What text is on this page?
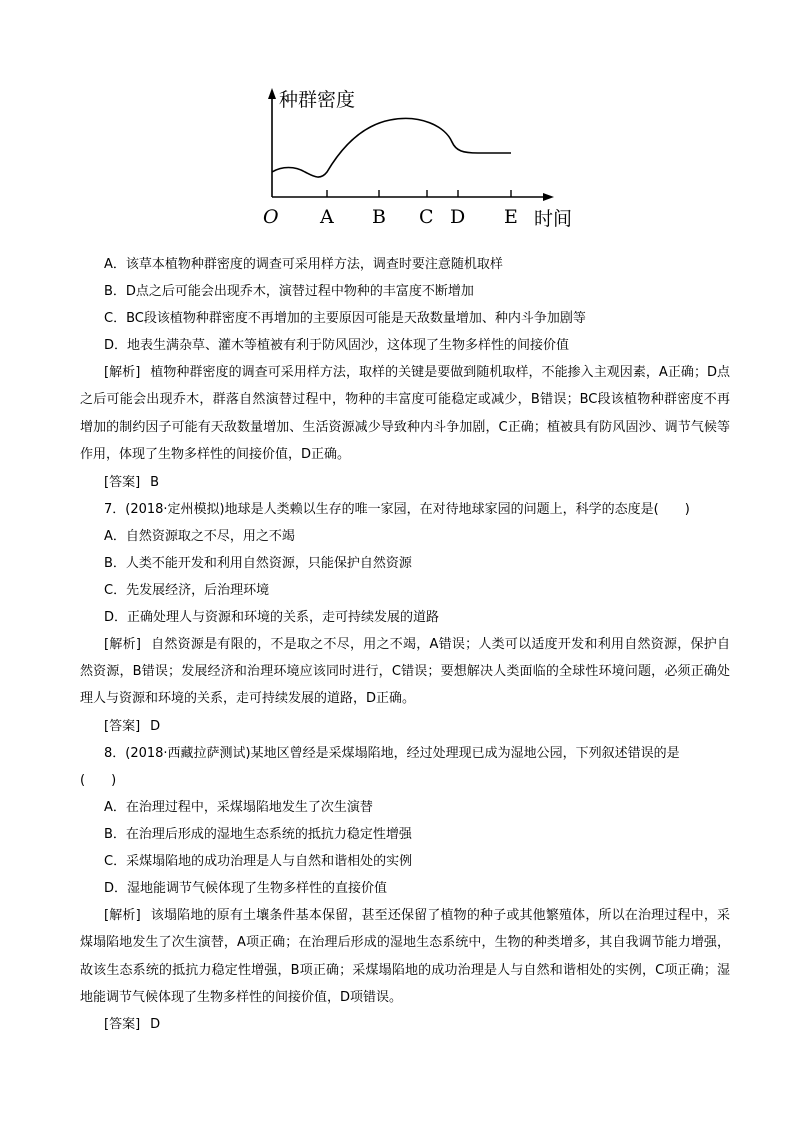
种群密度
O A B C D E 时间
A．该草本植物种群密度的调查可采用样方法，调查时要注意随机取样
B．D点之后可能会出现乔木，演替过程中物种的丰富度不断增加
C．BC段该植物种群密度不再增加的主要原因可能是天敌数量增加、种内斗争加剧等
D．地表生满杂草、灌木等植被有利于防风固沙，这体现了生物多样性的间接价值
[解析] 植物种群密度的调查可采用样方法，取样的关键是要做到随机取样，不能掺入主观因素，A正确；D点之后可能会出现乔木，群落自然演替过程中，物种的丰富度可能稳定或减少，B错误；BC段该植物种群密度不再增加的制约因子可能有天敌数量增加、生活资源减少导致种内斗争加剧，C正确；植被具有防风固沙、调节气候等作用，体现了生物多样性的间接价值，D正确。
[答案] B
7．(2018·定州模拟)地球是人类赖以生存的唯一家园，在对待地球家园的问题上，科学的态度是(　　)
A．自然资源取之不尽，用之不竭
B．人类不能开发和利用自然资源，只能保护自然资源
C．先发展经济，后治理环境
D．正确处理人与资源和环境的关系，走可持续发展的道路
[解析] 自然资源是有限的，不是取之不尽，用之不竭，A错误；人类可以适度开发和利用自然资源，保护自然资源，B错误；发展经济和治理环境应该同时进行，C错误；要想解决人类面临的全球性环境问题，必须正确处理人与资源和环境的关系，走可持续发展的道路，D正确。
[答案] D
8．(2018·西藏拉萨测试)某地区曾经是采煤塌陷地，经过处理现已成为湿地公园，下列叙述错误的是
(　　)
A．在治理过程中，采煤塌陷地发生了次生演替
B．在治理后形成的湿地生态系统的抵抗力稳定性增强
C．采煤塌陷地的成功治理是人与自然和谐相处的实例
D．湿地能调节气候体现了生物多样性的直接价值
[解析] 该塌陷地的原有土壤条件基本保留，甚至还保留了植物的种子或其他繁殖体，所以在治理过程中，采煤塌陷地发生了次生演替，A项正确；在治理后形成的湿地生态系统中，生物的种类增多，其自我调节能力增强，故该生态系统的抵抗力稳定性增强，B项正确；采煤塌陷地的成功治理是人与自然和谐相处的实例，C项正确；湿地能调节气候体现了生物多样性的间接价值，D项错误。
[答案] D
